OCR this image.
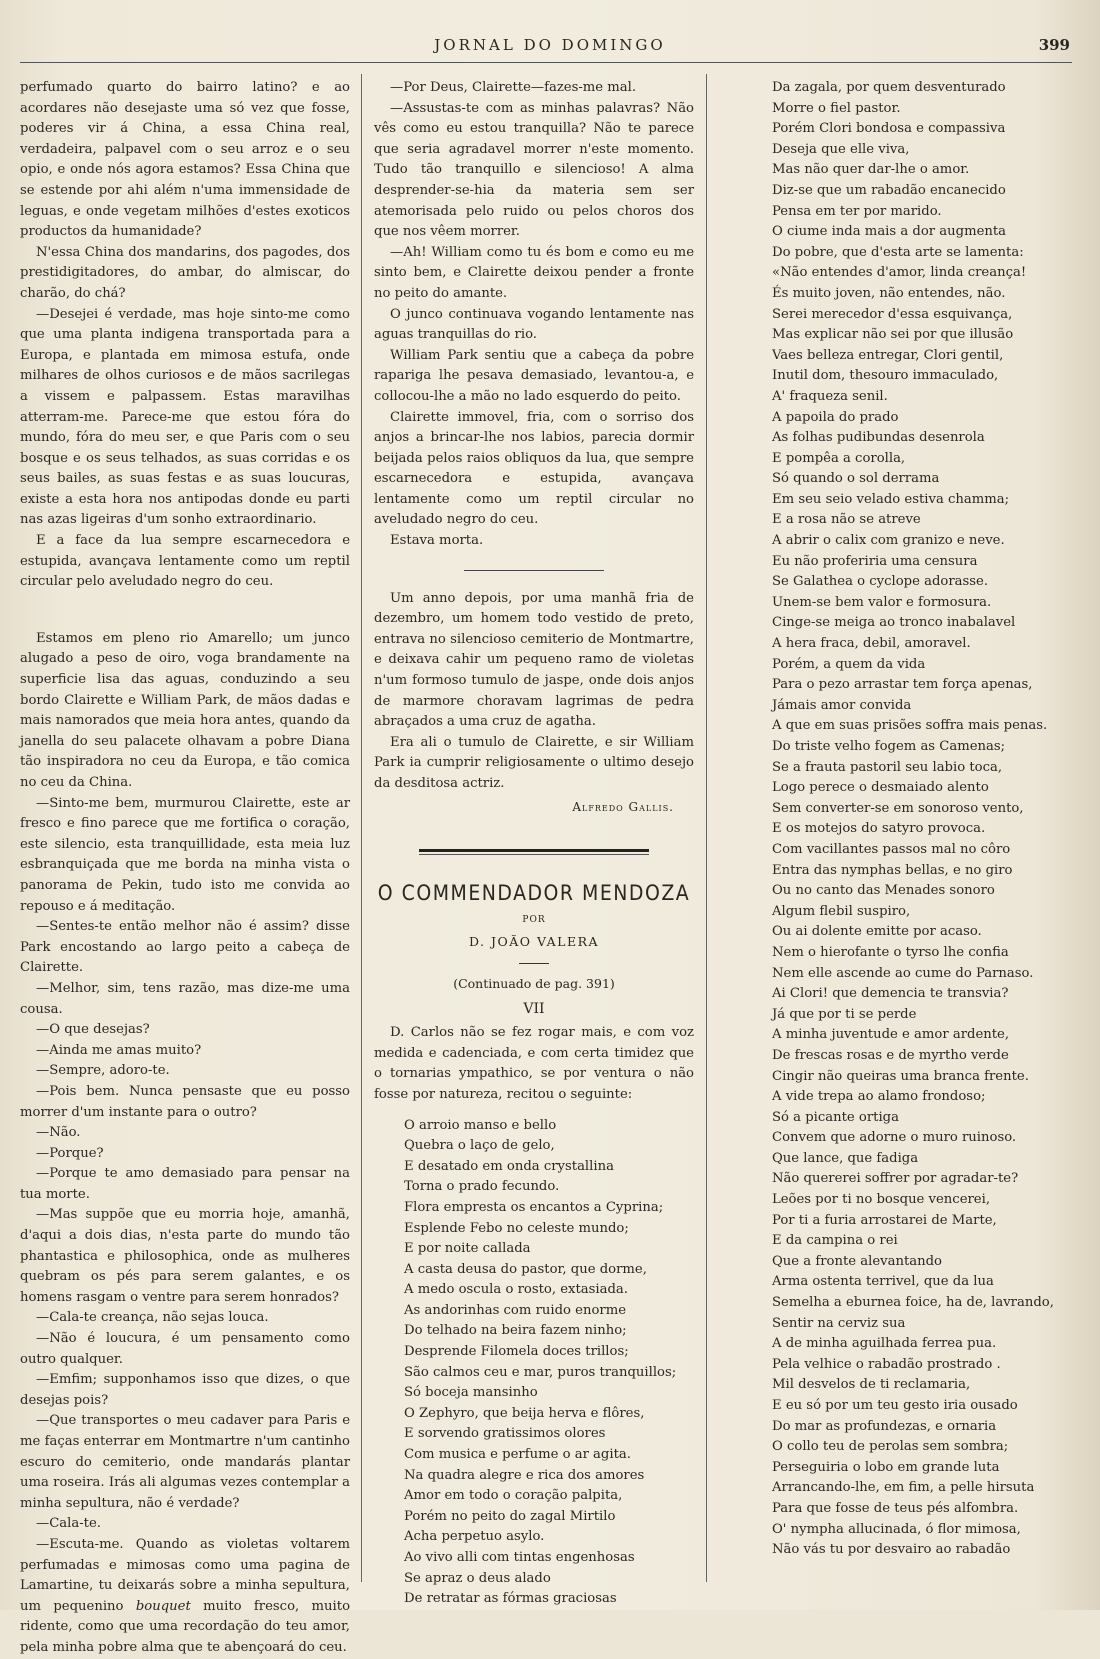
JORNAL DO DOMINGO	399

perfumado quarto do bairro latino? e ao acordares não desejaste uma só vez que fosse, poderes vir á China, a essa China real, verdadeira, palpavel com o seu arroz e o seu opio, e onde nós agora estamos? Essa China que se estende por ahi além n'uma immensidade de leguas, e onde vegetam milhões d'estes exoticos productos da humanidade?

N'essa China dos mandarins, dos pagodes, dos prestidigitadores, do ambar, do almiscar, do charão, do chá?

—Desejei é verdade, mas hoje sinto-me como que uma planta indigena transportada para a Europa, e plantada em mimosa estufa, onde milhares de olhos curiosos e de mãos sacrilegas a vissem e palpassem. Estas maravilhas atterram-me. Parece-me que estou fóra do mundo, fóra do meu ser, e que Paris com o seu bosque e os seus telhados, as suas corridas e os seus bailes, as suas festas e as suas loucuras, existe a esta hora nos antipodas donde eu parti nas azas ligeiras d'um sonho extraordinario.

E a face da lua sempre escarnecedora e estupida, avançava lentamente como um reptil circular pelo aveludado negro do ceu.

Estamos em pleno rio Amarello; um junco alugado a peso de oiro, voga brandamente na superficie lisa das aguas, conduzindo a seu bordo Clairette e William Park, de mãos dadas e mais namorados que meia hora antes, quando da janella do seu palacete olhavam a pobre Diana tão inspiradora no ceu da Europa, e tão comica no ceu da China.

—Sinto-me bem, murmurou Clairette, este ar fresco e fino parece que me fortifica o coração, este silencio, esta tranquillidade, esta meia luz esbranquiçada que me borda na minha vista o panorama de Pekin, tudo isto me convida ao repouso e á meditação.

—Sentes-te então melhor não é assim? disse Park encostando ao largo peito a cabeça de Clairette.

—Melhor, sim, tens razão, mas dize-me uma cousa.

—O que desejas?

—Ainda me amas muito?

—Sempre, adoro-te.

—Pois bem. Nunca pensaste que eu posso morrer d'um instante para o outro?

—Não.

—Porque?

—Porque te amo demasiado para pensar na tua morte.

—Mas suppõe que eu morria hoje, amanhã, d'aqui a dois dias, n'esta parte do mundo tão phantastica e philosophica, onde as mulheres quebram os pés para serem galantes, e os homens rasgam o ventre para serem honrados?

—Cala-te creança, não sejas louca.

—Não é loucura, é um pensamento como outro qualquer.

—Emfim; supponhamos isso que dizes, o que desejas pois?

—Que transportes o meu cadaver para Paris e me faças enterrar em Montmartre n'um cantinho escuro do cemiterio, onde mandarás plantar uma roseira. Irás ali algumas vezes contemplar a minha sepultura, não é verdade?

—Cala-te.

—Escuta-me. Quando as violetas voltarem perfumadas e mimosas como uma pagina de Lamartine, tu deixarás sobre a minha sepultura, um pequenino bouquet muito fresco, muito ridente, como que uma recordação do teu amor, pela minha pobre alma que te abençoará do ceu.

—Por Deus, Clairette—fazes-me mal.

—Assustas-te com as minhas palavras? Não vês como eu estou tranquilla? Não te parece que seria agradavel morrer n'este momento. Tudo tão tranquillo e silencioso! A alma desprender-se-hia da materia sem ser atemorisada pelo ruido ou pelos choros dos que nos vêem morrer.

—Ah! William como tu és bom e como eu me sinto bem, e Clairette deixou pender a fronte no peito do amante.

O junco continuava vogando lentamente nas aguas tranquillas do rio.

William Park sentiu que a cabeça da pobre rapariga lhe pesava demasiado, levantou-a, e collocou-lhe a mão no lado esquerdo do peito.

Clairette immovel, fria, com o sorriso dos anjos a brincar-lhe nos labios, parecia dormir beijada pelos raios obliquos da lua, que sempre escarnecedora e estupida, avançava lentamente como um reptil circular no aveludado negro do ceu.

Estava morta.

Um anno depois, por uma manhã fria de dezembro, um homem todo vestido de preto, entrava no silencioso cemiterio de Montmartre, e deixava cahir um pequeno ramo de violetas n'um formoso tumulo de jaspe, onde dois anjos de marmore choravam lagrimas de pedra abraçados a uma cruz de agatha.

Era ali o tumulo de Clairette, e sir William Park ia cumprir religiosamente o ultimo desejo da desditosa actriz.

Alfredo Gallis.

O COMMENDADOR MENDOZA

POR

D. JOÃO VALERA

(Continuado de pag. 391)

VII

D. Carlos não se fez rogar mais, e com voz medida e cadenciada, e com certa timidez que o tornarias ympathico, se por ventura o não fosse por natureza, recitou o seguinte:

O arroio manso e bello

Quebra o laço de gelo,

E desatado em onda crystallina

Torna o prado fecundo.

Flora empresta os encantos a Cyprina;

Esplende Febo no celeste mundo;

E por noite callada

A casta deusa do pastor, que dorme,

A medo oscula o rosto, extasiada.

As andorinhas com ruido enorme

Do telhado na beira fazem ninho;

Desprende Filomela doces trillos;

São calmos ceu e mar, puros tranquillos;

Só boceja mansinho

O Zephyro, que beija herva e flôres,

E sorvendo gratissimos olores

Com musica e perfume o ar agita.

Na quadra alegre e rica dos amores

Amor em todo o coração palpita,

Porém no peito do zagal Mirtilo

Acha perpetuo asylo.

Ao vivo alli com tintas engenhosas

Se apraz o deus alado

De retratar as fórmas graciosas

Da zagala, por quem desventurado

Morre o fiel pastor.

Porém Clori bondosa e compassiva

Deseja que elle viva,

Mas não quer dar-lhe o amor.

Diz-se que um rabadão encanecido

Pensa em ter por marido.

O ciume inda mais a dor augmenta

Do pobre, que d'esta arte se lamenta:

«Não entendes d'amor, linda creança!

És muito joven, não entendes, não.

Serei merecedor d'essa esquivança,

Mas explicar não sei por que illusão

Vaes belleza entregar, Clori gentil,

Inutil dom, thesouro immaculado,

A' fraqueza senil.

A papoila do prado

As folhas pudibundas desenrola

E pompêa a corolla,

Só quando o sol derrama

Em seu seio velado estiva chamma;

E a rosa não se atreve

A abrir o calix com granizo e neve.

Eu não proferiria uma censura

Se Galathea o cyclope adorasse.

Unem-se bem valor e formosura.

Cinge-se meiga ao tronco inabalavel

A hera fraca, debil, amoravel.

Porém, a quem da vida

Para o pezo arrastar tem força apenas,

Jámais amor convida

A que em suas prisões soffra mais penas.

Do triste velho fogem as Camenas;

Se a frauta pastoril seu labio toca,

Logo perece o desmaiado alento

Sem converter-se em sonoroso vento,

E os motejos do satyro provoca.

Com vacillantes passos mal no côro

Entra das nymphas bellas, e no giro

Ou no canto das Menades sonoro

Algum flebil suspiro,

Ou ai dolente emitte por acaso.

Nem o hierofante o tyrso lhe confia

Nem elle ascende ao cume do Parnaso.

Ai Clori! que demencia te transvia?

Já que por ti se perde

A minha juventude e amor ardente,

De frescas rosas e de myrtho verde

Cingir não queiras uma branca frente.

A vide trepa ao alamo frondoso;

Só a picante ortiga

Convem que adorne o muro ruinoso.

Que lance, que fadiga

Não quererei soffrer por agradar-te?

Leões por ti no bosque vencerei,

Por ti a furia arrostarei de Marte,

E da campina o rei

Que a fronte alevantando

Arma ostenta terrivel, que da lua

Semelha a eburnea foice, ha de, lavrando,

Sentir na cerviz sua

A de minha aguilhada ferrea pua.

Pela velhice o rabadão prostrado .

Mil desvelos de ti reclamaria,

E eu só por um teu gesto iria ousado

Do mar as profundezas, e ornaria

O collo teu de perolas sem sombra;

Perseguiria o lobo em grande luta

Arrancando-lhe, em fim, a pelle hirsuta

Para que fosse de teus pés alfombra.

O' nympha allucinada, ó flor mimosa,

Não vás tu por desvairo ao rabadão
